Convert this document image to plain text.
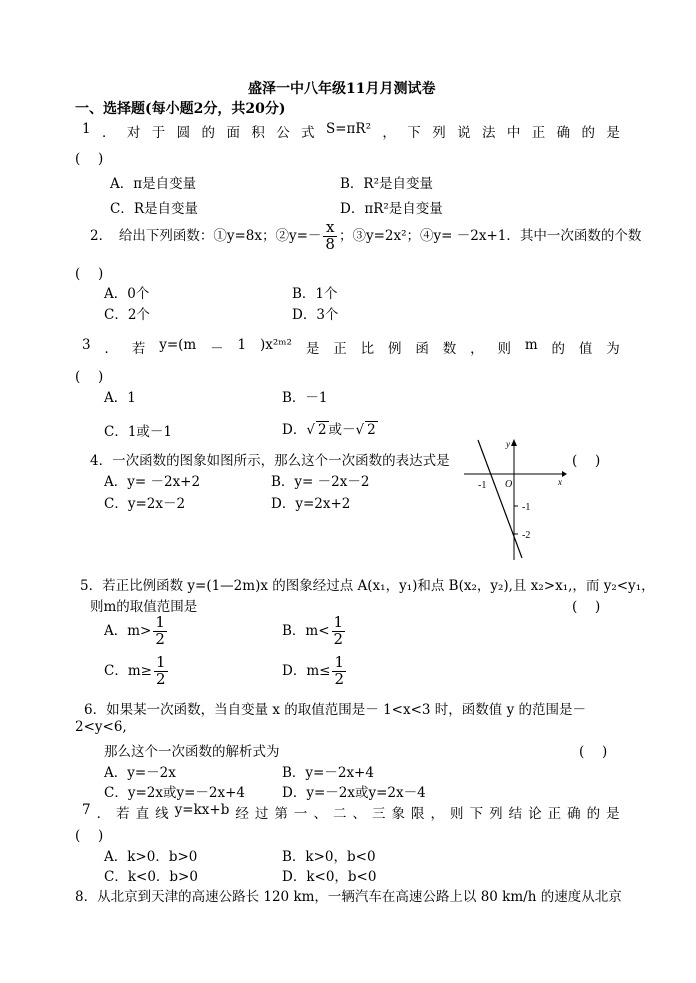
盛泽一中八年级11月月测试卷
一、选择题(每小题2分，共20分)
1 ． 对 于 圆 的 面 积 公 式 S=πR² ， 下 列 说 法 中 正 确 的 是
(　 )
A．π是自变量	B．R²是自变量
C．R是自变量	D．πR²是自变量
2．　给出下列函数：①y=8x；②y=－ $\frac{x}{8}$ ；③y=2x²；④y= －2x+1．其中一次函数的个数
(　 )
A．0个	B．1个
C．2个	D．3个
3 ． 若 y=(m － 1 )x²ᵐ² 是 正 比 例 函 数 ， 则 m 的 值 为
(　 )
A．1	B．－1
C．1或－1	D．√ 2 或－√ 2
4．一次函数的图象如图所示，那么这个一次函数的表达式是	(　 )
A．y= －2x+2	B．y= －2x－2
C．y=2x－2	D．y=2x+2
y
x
O
-1
-1
-2
5．若正比例函数 y=(1—2m)x 的图象经过点 A(x₁，y₁)和点 B(x₂，y₂),且 x₂>x₁,，而 y₂<y₁，
则m的取值范围是	(　 )
A．$m> \frac{1}{2}$	B．$m< \frac{1}{2}$
C．$m\ge \frac{1}{2}$	D．$m\le \frac{1}{2}$
6．如果某一次函数，当自变量 x 的取值范围是－ 1<x<3 时，函数值 y 的范围是－
2<y<6,
那么这个一次函数的解析式为	(　 )
A．y=－2x	B．y=－2x+4
C．y=2x或y=－2x+4	D．y=－2x或y=2x－4
7 ． 若 直 线 y=kx+b 经 过 第 一 、 二 、 三 象 限 ， 则 下 列 结 论 正 确 的 是
(　 )
A．k>0．b>0	B．k>0，b<0
C．k<0．b>0	D．k<0，b<0
8．从北京到天津的高速公路长 120 km，一辆汽车在高速公路上以 80 km/h 的速度从北京
